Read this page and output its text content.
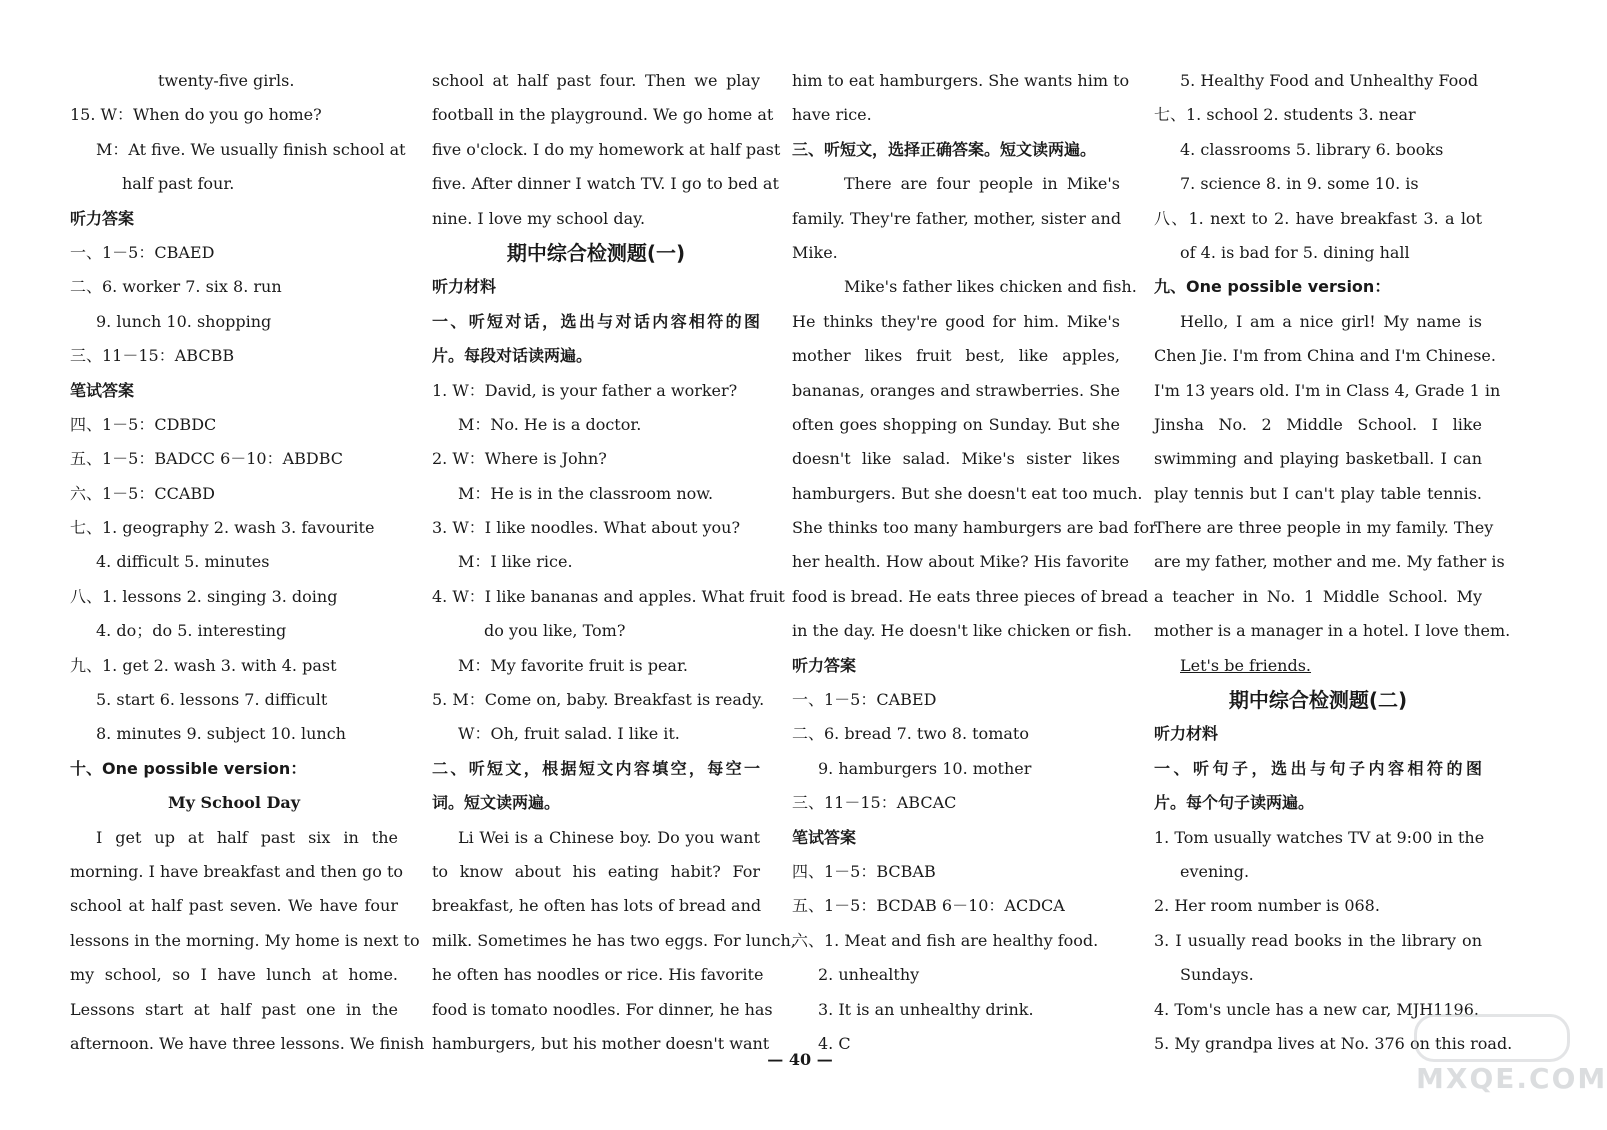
twenty-five girls.
15. W：When do you go home?
M：At five. We usually finish school at
half past four.
听力答案
一、1－5：CBAED
二、6. worker 7. six 8. run
9. lunch 10. shopping
三、11－15：ABCBB
笔试答案
四、1－5：CDBDC
五、1－5：BADCC 6－10：ABDBC
六、1－5：CCABD
七、1. geography 2. wash 3. favourite
4. difficult 5. minutes
八、1. lessons 2. singing 3. doing
4. do；do 5. interesting
九、1. get 2. wash 3. with 4. past
5. start 6. lessons 7. difficult
8. minutes 9. subject 10. lunch
十、One possible version：
My School Day
I get up at half past six in the
morning. I have breakfast and then go to
school at half past seven. We have four
lessons in the morning. My home is next to
my school, so I have lunch at home.
Lessons start at half past one in the
afternoon. We have three lessons. We finish
school at half past four. Then we play
football in the playground. We go home at
five o'clock. I do my homework at half past
five. After dinner I watch TV. I go to bed at
nine. I love my school day.
期中综合检测题(一)
听力材料
一、听短对话，选出与对话内容相符的图
片。每段对话读两遍。
1. W：David, is your father a worker?
M：No. He is a doctor.
2. W：Where is John?
M：He is in the classroom now.
3. W：I like noodles. What about you?
M：I like rice.
4. W：I like bananas and apples. What fruit
do you like, Tom?
M：My favorite fruit is pear.
5. M：Come on, baby. Breakfast is ready.
W：Oh, fruit salad. I like it.
二、听短文，根据短文内容填空，每空一
词。短文读两遍。
Li Wei is a Chinese boy. Do you want
to know about his eating habit? For
breakfast, he often has lots of bread and
milk. Sometimes he has two eggs. For lunch,
he often has noodles or rice. His favorite
food is tomato noodles. For dinner, he has
hamburgers, but his mother doesn't want
him to eat hamburgers. She wants him to
have rice.
三、听短文，选择正确答案。短文读两遍。
There are four people in Mike's
family. They're father, mother, sister and
Mike.
Mike's father likes chicken and fish.
He thinks they're good for him. Mike's
mother likes fruit best, like apples,
bananas, oranges and strawberries. She
often goes shopping on Sunday. But she
doesn't like salad. Mike's sister likes
hamburgers. But she doesn't eat too much.
She thinks too many hamburgers are bad for
her health. How about Mike? His favorite
food is bread. He eats three pieces of bread
in the day. He doesn't like chicken or fish.
听力答案
一、1－5：CABED
二、6. bread 7. two 8. tomato
9. hamburgers 10. mother
三、11－15：ABCAC
笔试答案
四、1－5：BCBAB
五、1－5：BCDAB 6－10：ACDCA
六、1. Meat and fish are healthy food.
2. unhealthy
3. It is an unhealthy drink.
4. C
5. Healthy Food and Unhealthy Food
七、1. school 2. students 3. near
4. classrooms 5. library 6. books
7. science 8. in 9. some 10. is
八、1. next to 2. have breakfast 3. a lot
of 4. is bad for 5. dining hall
九、One possible version：
Hello, I am a nice girl! My name is
Chen Jie. I'm from China and I'm Chinese.
I'm 13 years old. I'm in Class 4, Grade 1 in
Jinsha No. 2 Middle School. I like
swimming and playing basketball. I can
play tennis but I can't play table tennis.
There are three people in my family. They
are my father, mother and me. My father is
a teacher in No. 1 Middle School. My
mother is a manager in a hotel. I love them.
Let's be friends.
期中综合检测题(二)
听力材料
一、听句子，选出与句子内容相符的图
片。每个句子读两遍。
1. Tom usually watches TV at 9:00 in the
evening.
2. Her room number is 068.
3. I usually read books in the library on
Sundays.
4. Tom's uncle has a new car, MJH1196.
5. My grandpa lives at No. 376 on this road.
— 40 —
MXQE.COM
